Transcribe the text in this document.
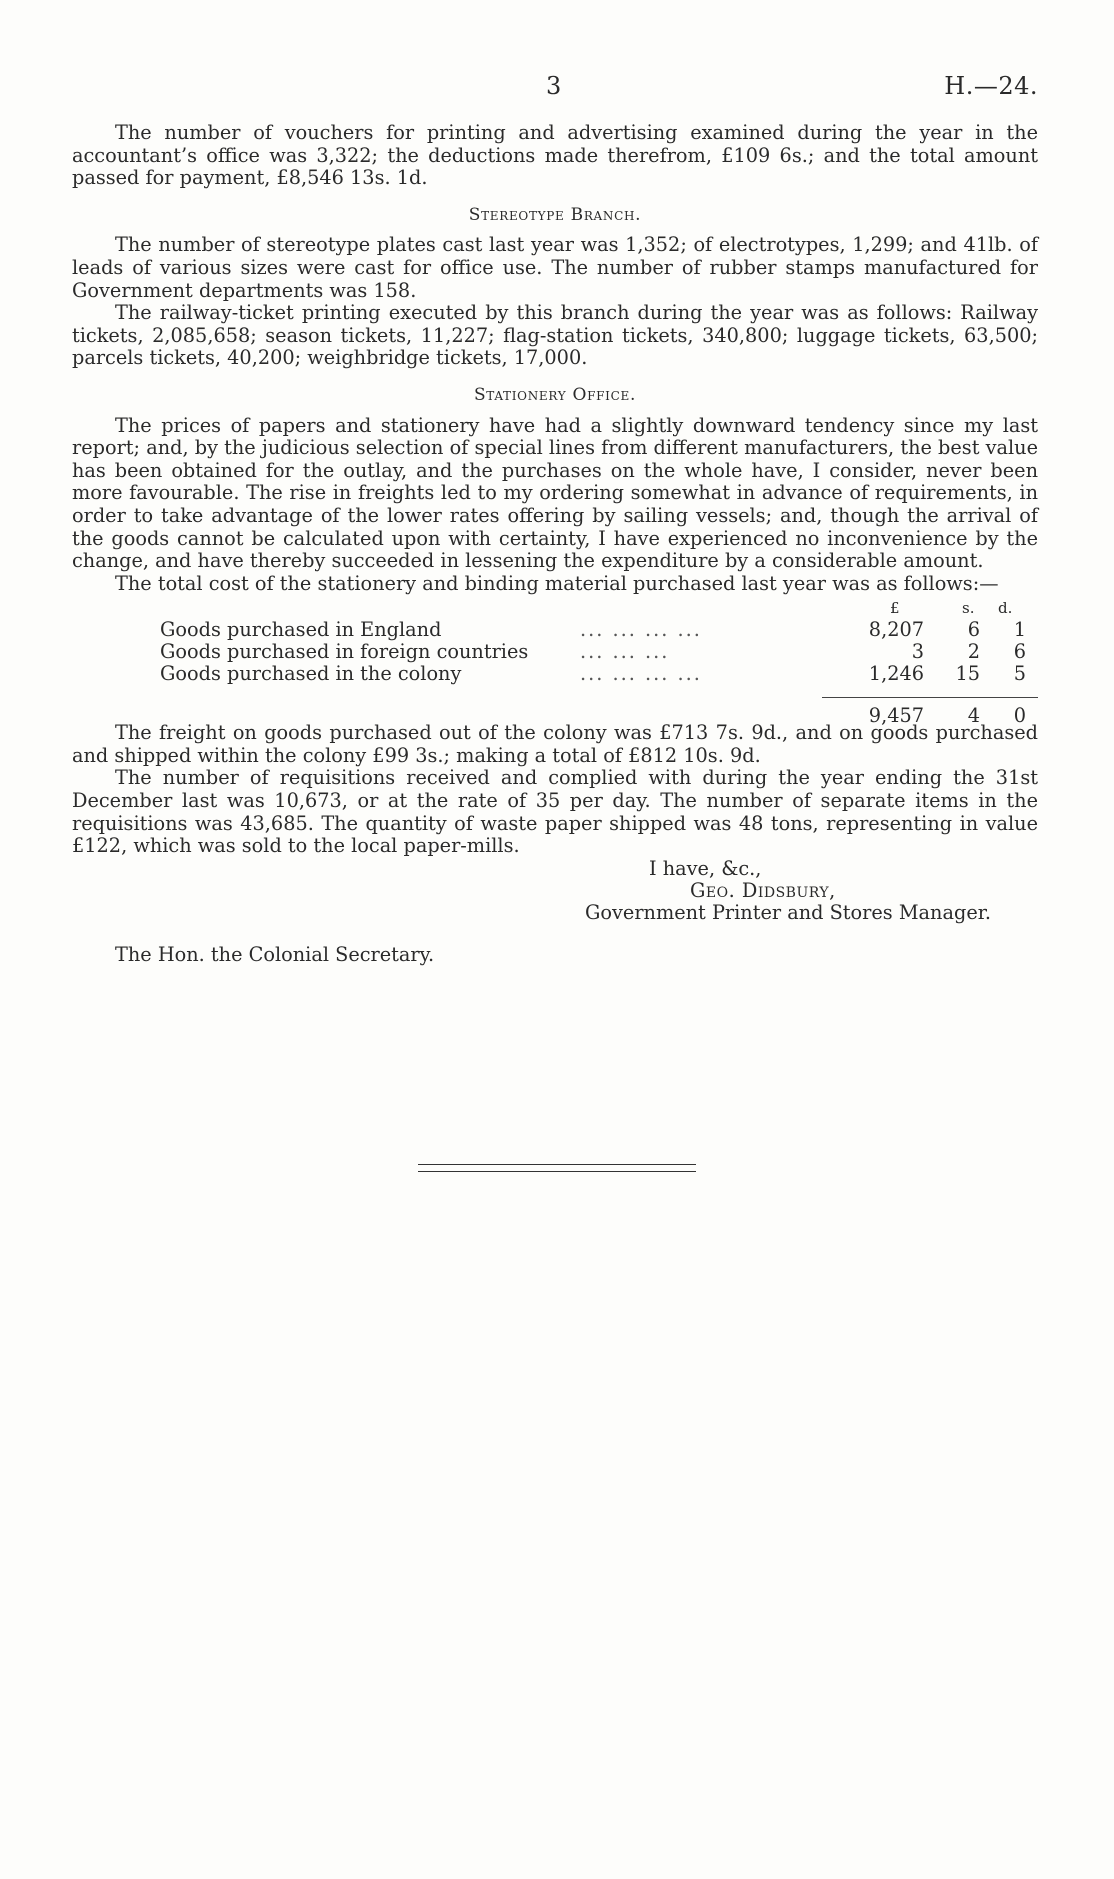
3	H.—24.

The number of vouchers for printing and advertising examined during the year in the accountant’s office was 3,322; the deductions made therefrom, £109 6s.; and the total amount passed for payment, £8,546 13s. 1d.

Stereotype Branch.

The number of stereotype plates cast last year was 1,352; of electrotypes, 1,299; and 41lb. of leads of various sizes were cast for office use. The number of rubber stamps manufactured for Government departments was 158.

The railway-ticket printing executed by this branch during the year was as follows: Railway tickets, 2,085,658; season tickets, 11,227; flag-station tickets, 340,800; luggage tickets, 63,500; parcels tickets, 40,200; weighbridge tickets, 17,000.

Stationery Office.

The prices of papers and stationery have had a slightly downward tendency since my last report; and, by the judicious selection of special lines from different manufacturers, the best value has been obtained for the outlay, and the purchases on the whole have, I consider, never been more favourable. The rise in freights led to my ordering somewhat in advance of requirements, in order to take advantage of the lower rates offering by sailing vessels; and, though the arrival of the goods cannot be calculated upon with certainty, I have experienced no inconvenience by the change, and have thereby succeeded in lessening the expenditure by a considerable amount.

The total cost of the stationery and binding material purchased last year was as follows:—

£	s. d.
Goods purchased in England	... ... ... ...	8,207	6	1
Goods purchased in foreign countries	... ... ...	3	2	6
Goods purchased in the colony	... ... ... ...	1,246	15	5
9,457	4	0

The freight on goods purchased out of the colony was £713 7s. 9d., and on goods purchased and shipped within the colony £99 3s.; making a total of £812 10s. 9d.

The number of requisitions received and complied with during the year ending the 31st December last was 10,673, or at the rate of 35 per day. The number of separate items in the requisitions was 43,685. The quantity of waste paper shipped was 48 tons, representing in value £122, which was sold to the local paper-mills.

I have, &c.,
Geo. Didsbury,
Government Printer and Stores Manager.
The Hon. the Colonial Secretary.
